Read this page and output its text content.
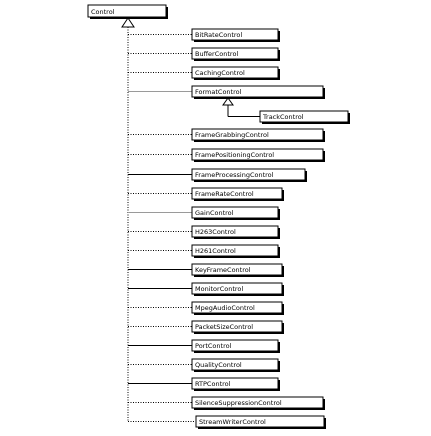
Control
BitRateControl
BufferControl
CachingControl
FormatControl
TrackControl
FrameGrabbingControl
FramePositioningControl
FrameProcessingControl
FrameRateControl
GainControl
H263Control
H261Control
KeyFrameControl
MonitorControl
MpegAudioControl
PacketSizeControl
PortControl
QualityControl
RTPControl
SilenceSuppressionControl
StreamWriterControl
